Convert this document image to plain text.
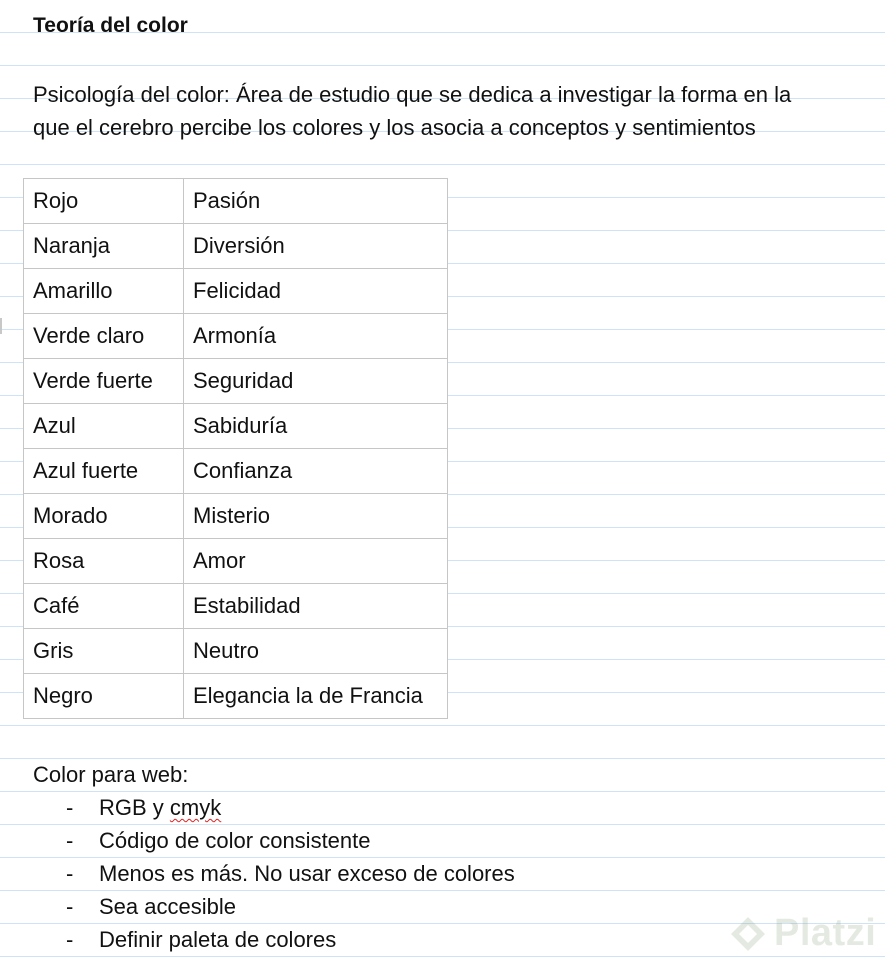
Teoría del color
Psicología del color: Área de estudio que se dedica a investigar la forma en la
que el cerebro percibe los colores y los asocia a conceptos y sentimientos
Rojo	Pasión
Naranja	Diversión
Amarillo	Felicidad
Verde claro	Armonía
Verde fuerte	Seguridad
Azul	Sabiduría
Azul fuerte	Confianza
Morado	Misterio
Rosa	Amor
Café	Estabilidad
Gris	Neutro
Negro	Elegancia la de Francia
Color para web:
- RGB y cmyk
- Código de color consistente
- Menos es más. No usar exceso de colores
- Sea accesible
- Definir paleta de colores	Platzi
